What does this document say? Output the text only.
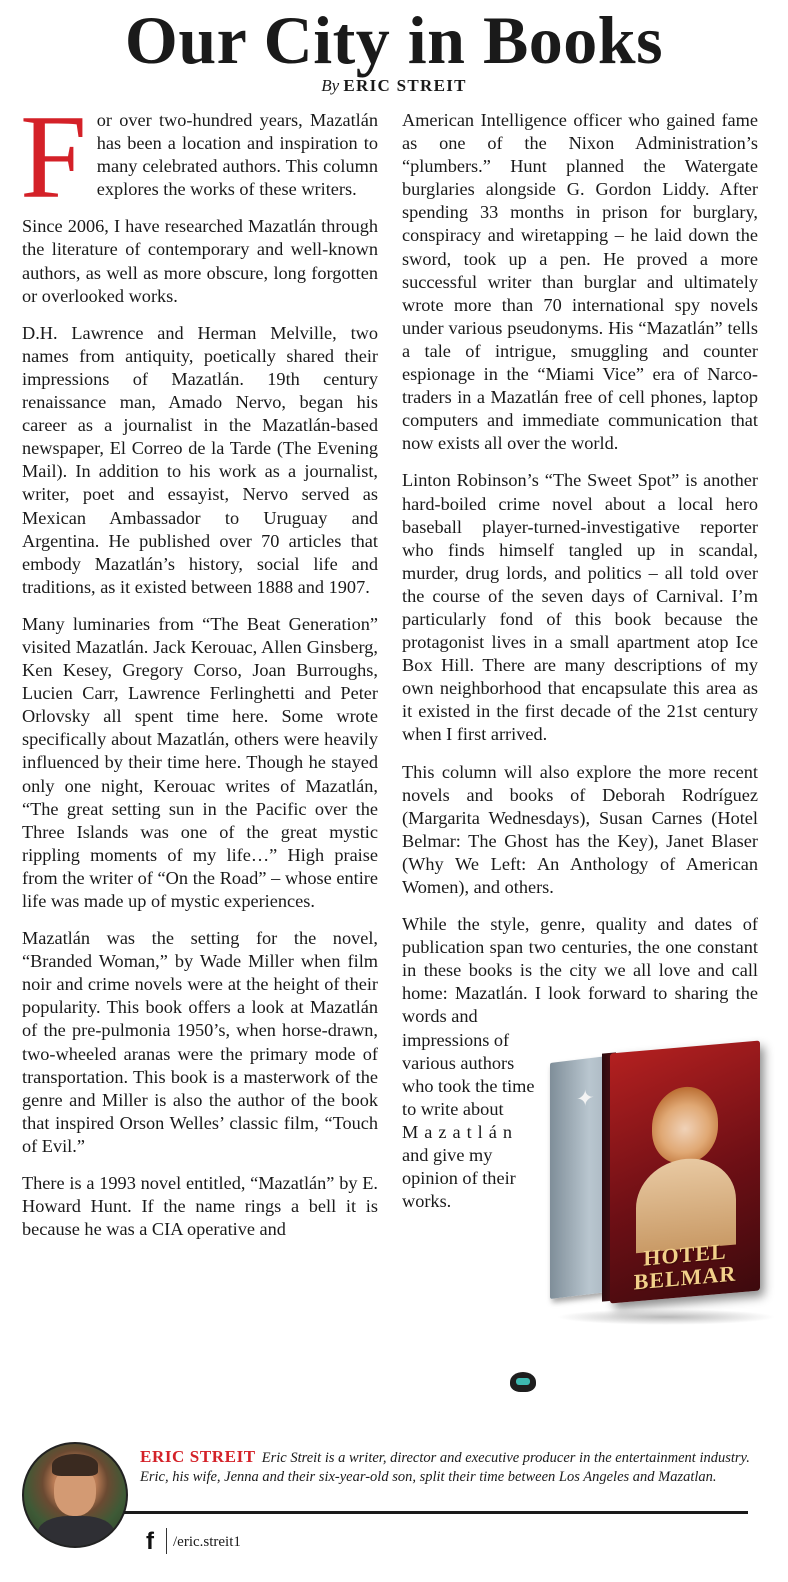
Our City in Books
By ERIC STREIT

F or over two-hundred years, Mazatlán has been a location and inspiration to many celebrated authors. This column explores the works of these writers.

Since 2006, I have researched Mazatlán through the literature of contemporary and well-known authors, as well as more obscure, long forgotten or overlooked works.

D.H. Lawrence and Herman Melville, two names from antiquity, poetically shared their impressions of Mazatlán. 19th century renaissance man, Amado Nervo, began his career as a journalist in the Mazatlán-based newspaper, El Correo de la Tarde (The Evening Mail). In addition to his work as a journalist, writer, poet and essayist, Nervo served as Mexican Ambassador to Uruguay and Argentina. He published over 70 articles that embody Mazatlán’s history, social life and traditions, as it existed between 1888 and 1907.

Many luminaries from “The Beat Generation” visited Mazatlán. Jack Kerouac, Allen Ginsberg, Ken Kesey, Gregory Corso, Joan Burroughs, Lucien Carr, Lawrence Ferlinghetti and Peter Orlovsky all spent time here. Some wrote specifically about Mazatlán, others were heavily influenced by their time here. Though he stayed only one night, Kerouac writes of Mazatlán, “The great setting sun in the Pacific over the Three Islands was one of the great mystic rippling moments of my life…” High praise from the writer of “On the Road” – whose entire life was made up of mystic experiences.

Mazatlán was the setting for the novel, “Branded Woman,” by Wade Miller when film noir and crime novels were at the height of their popularity. This book offers a look at Mazatlán of the pre-pulmonia 1950’s, when horse-drawn, two-wheeled aranas were the primary mode of transportation. This book is a masterwork of the genre and Miller is also the author of the book that inspired Orson Welles’ classic film, “Touch of Evil.”

There is a 1993 novel entitled, “Mazatlán” by E. Howard Hunt. If the name rings a bell it is because he was a CIA operative and

American Intelligence officer who gained fame as one of the Nixon Administration’s “plumbers.” Hunt planned the Watergate burglaries alongside G. Gordon Liddy. After spending 33 months in prison for burglary, conspiracy and wiretapping – he laid down the sword, took up a pen. He proved a more successful writer than burglar and ultimately wrote more than 70 international spy novels under various pseudonyms. His “Mazatlán” tells a tale of intrigue, smuggling and counter espionage in the “Miami Vice” era of Narco-traders in a Mazatlán free of cell phones, laptop computers and immediate communication that now exists all over the world.

Linton Robinson’s “The Sweet Spot” is another hard-boiled crime novel about a local hero baseball player-turned-investigative reporter who finds himself tangled up in scandal, murder, drug lords, and politics – all told over the course of the seven days of Carnival. I’m particularly fond of this book because the protagonist lives in a small apartment atop Ice Box Hill. There are many descriptions of my own neighborhood that encapsulate this area as it existed in the first decade of the 21st century when I first arrived.

This column will also explore the more recent novels and books of Deborah Rodríguez (Margarita Wednesdays), Susan Carnes (Hotel Belmar: The Ghost has the Key), Janet Blaser (Why We Left: An Anthology of American Women), and others.

While the style, genre, quality and dates of publication span two centuries, the one constant in these books is the city we all love and call home: Mazatlán. I look forward to sharing the words and

✦
HOTEL BELMAR

impressions of various authors who took the time to write about Mazatlán and give my opinion of their works.

ERIC STREIT Eric Streit is a writer, director and executive producer in the entertainment industry. Eric, his wife, Jenna and their six-year-old son, split their time between Los Angeles and Mazatlan.
f /eric.streit1
